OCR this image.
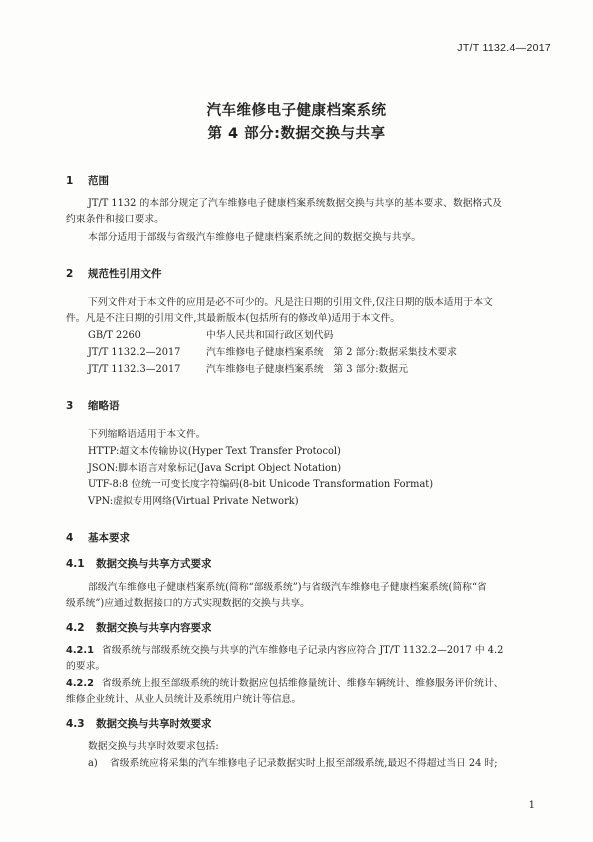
JT/T 1132.4—2017
汽车维修电子健康档案系统
第 4 部分:数据交换与共享
1 范围
JT/T 1132 的本部分规定了汽车维修电子健康档案系统数据交换与共享的基本要求、数据格式及
约束条件和接口要求。
本部分适用于部级与省级汽车维修电子健康档案系统之间的数据交换与共享。
2 规范性引用文件
下列文件对于本文件的应用是必不可少的。凡是注日期的引用文件,仅注日期的版本适用于本文
件。凡是不注日期的引用文件,其最新版本(包括所有的修改单)适用于本文件。
GB/T 2260	中华人民共和国行政区划代码
JT/T 1132.2—2017	汽车维修电子健康档案系统　第 2 部分:数据采集技术要求
JT/T 1132.3—2017	汽车维修电子健康档案系统　第 3 部分:数据元
3 缩略语
下列缩略语适用于本文件。
HTTP:超文本传输协议(Hyper Text Transfer Protocol)
JSON:脚本语言对象标记(Java Script Object Notation)
UTF-8:8 位统一可变长度字符编码(8-bit Unicode Transformation Format)
VPN:虚拟专用网络(Virtual Private Network)
4 基本要求
4.1 数据交换与共享方式要求
部级汽车维修电子健康档案系统(简称“部级系统”)与省级汽车维修电子健康档案系统(简称“省
级系统”)应通过数据接口的方式实现数据的交换与共享。
4.2 数据交换与共享内容要求
4.2.1 省级系统与部级系统交换与共享的汽车维修电子记录内容应符合 JT/T 1132.2—2017 中 4.2
的要求。
4.2.2 省级系统上报至部级系统的统计数据应包括维修量统计、维修车辆统计、维修服务评价统计、
维修企业统计、从业人员统计及系统用户统计等信息。
4.3 数据交换与共享时效要求
数据交换与共享时效要求包括:
a) 省级系统应将采集的汽车维修电子记录数据实时上报至部级系统,最迟不得超过当日 24 时;
1
